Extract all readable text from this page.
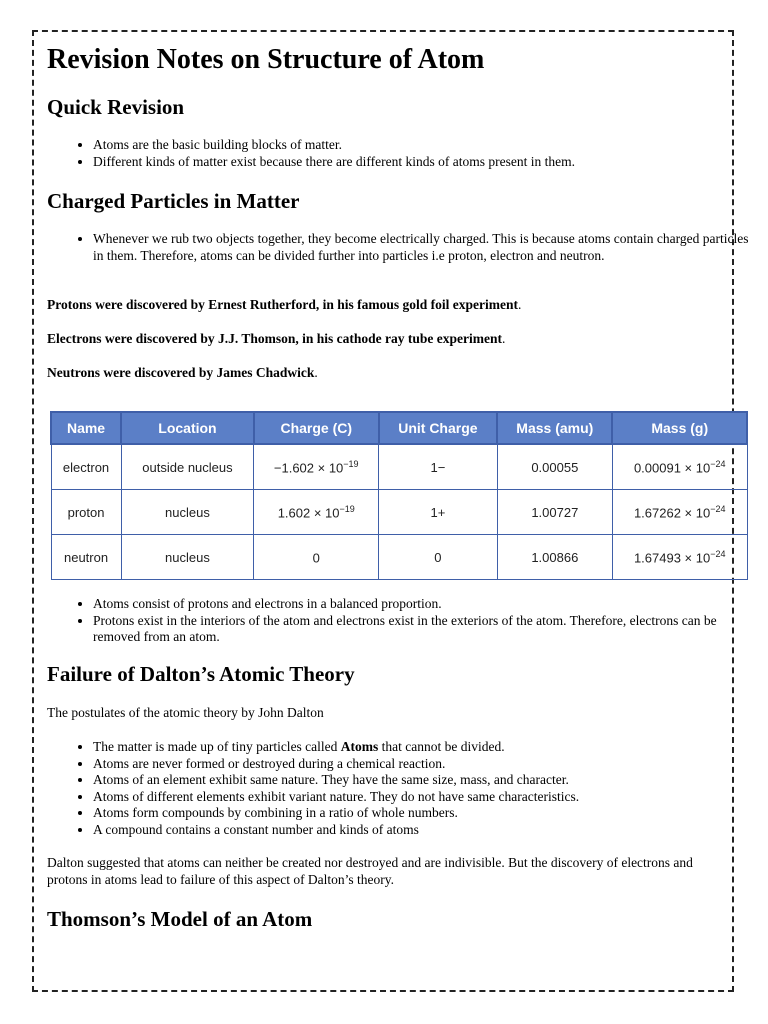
Revision Notes on Structure of Atom
Quick Revision
• Atoms are the basic building blocks of matter.
• Different kinds of matter exist because there are different kinds of atoms present in them.
Charged Particles in Matter
• Whenever we rub two objects together, they become electrically charged. This is because atoms contain charged particles in them. Therefore, atoms can be divided further into particles i.e proton, electron and neutron.

Protons were discovered by Ernest Rutherford, in his famous gold foil experiment.

Electrons were discovered by J.J. Thomson, in his cathode ray tube experiment.

Neutrons were discovered by James Chadwick.

Name	Location	Charge (C)	Unit Charge	Mass (amu)	Mass (g)
electron	outside nucleus	$-1.602 \times 10^{-19}$	1−	0.00055	$0.00091 \times 10^{-24}$
proton	nucleus	$1.602 \times 10^{-19}$	1+	1.00727	$1.67262 \times 10^{-24}$
neutron	nucleus	0	0	1.00866	$1.67493 \times 10^{-24}$
• Atoms consist of protons and electrons in a balanced proportion.
• Protons exist in the interiors of the atom and electrons exist in the exteriors of the atom. Therefore, electrons can be removed from an atom.
Failure of Dalton’s Atomic Theory

The postulates of the atomic theory by John Dalton

• The matter is made up of tiny particles called Atoms that cannot be divided.
• Atoms are never formed or destroyed during a chemical reaction.
• Atoms of an element exhibit same nature. They have the same size, mass, and character.
• Atoms of different elements exhibit variant nature. They do not have same characteristics.
• Atoms form compounds by combining in a ratio of whole numbers.
• A compound contains a constant number and kinds of atoms

Dalton suggested that atoms can neither be created nor destroyed and are indivisible. But the discovery of electrons and protons in atoms lead to failure of this aspect of Dalton’s theory.

Thomson’s Model of an Atom
